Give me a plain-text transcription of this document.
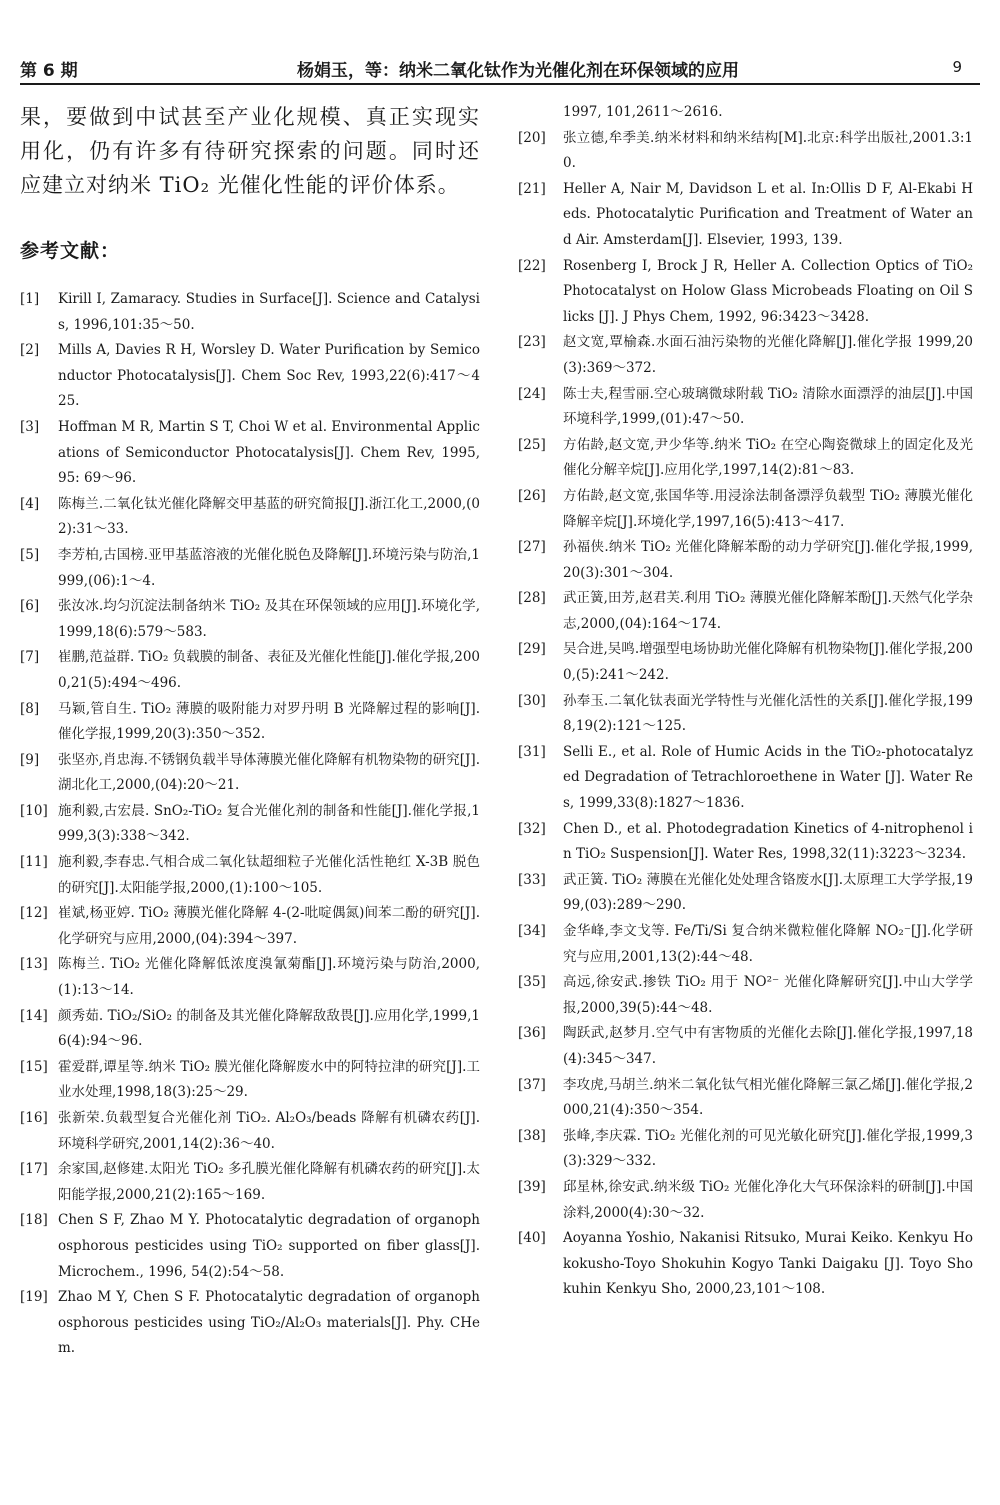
第 6 期	杨娟玉，等：纳米二氧化钛作为光催化剂在环保领域的应用	9

果，要做到中试甚至产业化规模、真正实现实用化，仍有许多有待研究探索的问题。同时还应建立对纳米 TiO₂ 光催化性能的评价体系。

参考文献：
[1] Kirill I, Zamaracy. Studies in Surface[J]. Science and Catalysis, 1996,101:35～50.
[2] Mills A, Davies R H, Worsley D. Water Purification by Semiconductor Photocatalysis[J]. Chem Soc Rev, 1993,22(6):417～425.
[3] Hoffman M R, Martin S T, Choi W et al. Environmental Applications of Semiconductor Photocatalysis[J]. Chem Rev, 1995, 95: 69～96.
[4] 陈梅兰.二氧化钛光催化降解交甲基蓝的研究简报[J].浙江化工,2000,(02):31～33.
[5] 李芳柏,古国榜.亚甲基蓝溶液的光催化脱色及降解[J].环境污染与防治,1999,(06):1～4.
[6] 张汝冰.均匀沉淀法制备纳米 TiO₂ 及其在环保领域的应用[J].环境化学,1999,18(6):579～583.
[7] 崔鹏,范益群. TiO₂ 负载膜的制备、表征及光催化性能[J].催化学报,2000,21(5):494～496.
[8] 马颖,管自生. TiO₂ 薄膜的吸附能力对罗丹明 B 光降解过程的影响[J].催化学报,1999,20(3):350～352.
[9] 张坚亦,肖忠海.不锈钢负载半导体薄膜光催化降解有机物染物的研究[J].湖北化工,2000,(04):20～21.
[10] 施利毅,古宏晨. SnO₂-TiO₂ 复合光催化剂的制备和性能[J].催化学报,1999,3(3):338～342.
[11] 施利毅,李春忠.气相合成二氧化钛超细粒子光催化活性艳红 X-3B 脱色的研究[J].太阳能学报,2000,(1):100～105.
[12] 崔斌,杨亚婷. TiO₂ 薄膜光催化降解 4-(2-吡啶偶氮)间苯二酚的研究[J].化学研究与应用,2000,(04):394～397.
[13] 陈梅兰. TiO₂ 光催化降解低浓度溴氰菊酯[J].环境污染与防治,2000,(1):13～14.
[14] 颜秀茹. TiO₂/SiO₂ 的制备及其光催化降解敌敌畏[J].应用化学,1999,16(4):94～96.
[15] 霍爱群,谭星等.纳米 TiO₂ 膜光催化降解废水中的阿特拉津的研究[J].工业水处理,1998,18(3):25～29.
[16] 张新荣.负载型复合光催化剂 TiO₂. Al₂O₃/beads 降解有机磷农药[J].环境科学研究,2001,14(2):36～40.
[17] 余家国,赵修建.太阳光 TiO₂ 多孔膜光催化降解有机磷农药的研究[J].太阳能学报,2000,21(2):165～169.
[18] Chen S F, Zhao M Y. Photocatalytic degradation of organophosphorous pesticides using TiO₂ supported on fiber glass[J]. Microchem., 1996, 54(2):54～58.
[19] Zhao M Y, Chen S F. Photocatalytic degradation of organophosphorous pesticides using TiO₂/Al₂O₃ materials[J]. Phy. CHem.
1997, 101,2611～2616.
[20] 张立德,牟季美.纳米材料和纳米结构[M].北京:科学出版社,2001.3:10.
[21] Heller A, Nair M, Davidson L et al. In:Ollis D F, Al-Ekabi H eds. Photocatalytic Purification and Treatment of Water and Air. Amsterdam[J]. Elsevier, 1993, 139.
[22] Rosenberg I, Brock J R, Heller A. Collection Optics of TiO₂ Photocatalyst on Holow Glass Microbeads Floating on Oil Slicks [J]. J Phys Chem, 1992, 96:3423～3428.
[23] 赵文宽,覃榆森.水面石油污染物的光催化降解[J].催化学报 1999,20(3):369～372.
[24] 陈士夫,程雪丽.空心玻璃微球附载 TiO₂ 清除水面漂浮的油层[J].中国环境科学,1999,(01):47～50.
[25] 方佑龄,赵文宽,尹少华等.纳米 TiO₂ 在空心陶瓷微球上的固定化及光催化分解辛烷[J].应用化学,1997,14(2):81～83.
[26] 方佑龄,赵文宽,张国华等.用浸涂法制备漂浮负载型 TiO₂ 薄膜光催化降解辛烷[J].环境化学,1997,16(5):413～417.
[27] 孙福侠.纳米 TiO₂ 光催化降解苯酚的动力学研究[J].催化学报,1999,20(3):301～304.
[28] 武正簧,田芳,赵君芙.利用 TiO₂ 薄膜光催化降解苯酚[J].天然气化学杂志,2000,(04):164～174.
[29] 吴合进,吴鸣.增强型电场协助光催化降解有机物染物[J].催化学报,2000,(5):241～242.
[30] 孙奉玉.二氧化钛表面光学特性与光催化活性的关系[J].催化学报,1998,19(2):121～125.
[31] Selli E., et al. Role of Humic Acids in the TiO₂-photocatalyzed Degradation of Tetrachloroethene in Water [J]. Water Res, 1999,33(8):1827～1836.
[32] Chen D., et al. Photodegradation Kinetics of 4-nitrophenol in TiO₂ Suspension[J]. Water Res, 1998,32(11):3223～3234.
[33] 武正簧. TiO₂ 薄膜在光催化处处理含铬废水[J].太原理工大学学报,1999,(03):289～290.
[34] 金华峰,李文戈等. Fe/Ti/Si 复合纳米微粒催化降解 NO₂⁻[J].化学研究与应用,2001,13(2):44～48.
[35] 高远,徐安武.掺铁 TiO₂ 用于 NO²⁻ 光催化降解研究[J].中山大学学报,2000,39(5):44～48.
[36] 陶跃武,赵梦月.空气中有害物质的光催化去除[J].催化学报,1997,18(4):345～347.
[37] 李攻虎,马胡兰.纳米二氧化钛气相光催化降解三氯乙烯[J].催化学报,2000,21(4):350～354.
[38] 张峰,李庆霖. TiO₂ 光催化剂的可见光敏化研究[J].催化学报,1999,3(3):329～332.
[39] 邱星林,徐安武.纳米级 TiO₂ 光催化净化大气环保涂料的研制[J].中国涂料,2000(4):30～32.
[40] Aoyanna Yoshio, Nakanisi Ritsuko, Murai Keiko. Kenkyu Hokokusho-Toyo Shokuhin Kogyo Tanki Daigaku [J]. Toyo Shokuhin Kenkyu Sho, 2000,23,101～108.
